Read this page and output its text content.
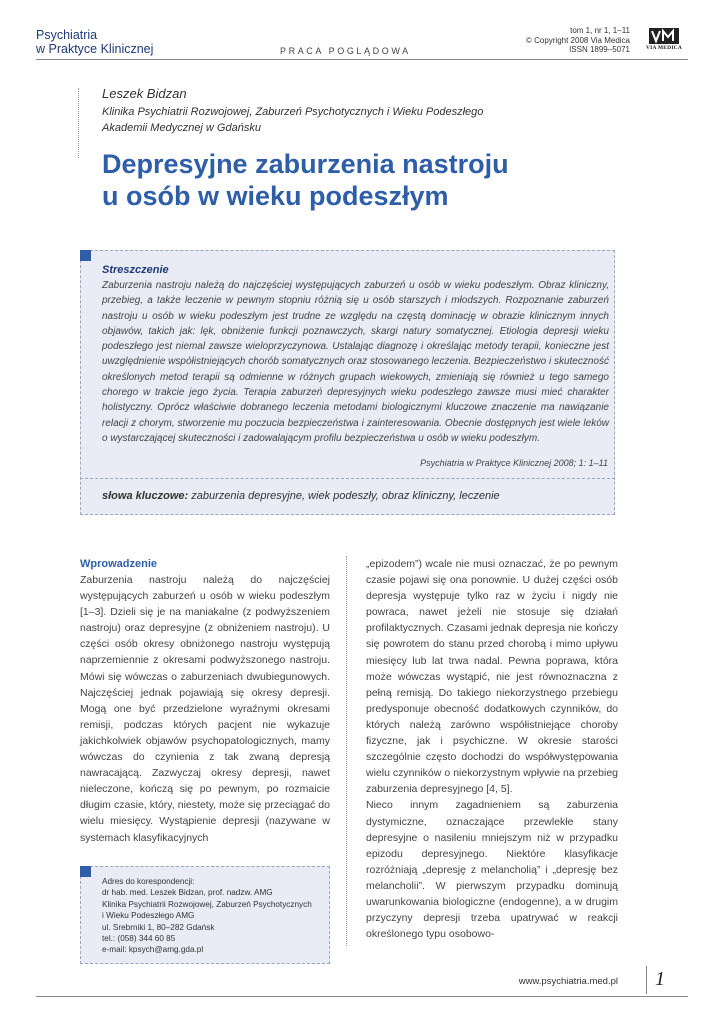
Psychiatria
w Praktyce Klinicznej	PRACA POGLĄDOWA
tom 1, nr 1, 1–11
© Copyright 2008 Via Medica
ISSN 1899–5071	VIA MEDICA
Leszek Bidzan
Klinika Psychiatrii Rozwojowej, Zaburzeń Psychotycznych i Wieku Podeszłego
Akademii Medycznej w Gdańsku
Depresyjne zaburzenia nastroju
u osób w wieku podeszłym
Streszczenie
Zaburzenia nastroju należą do najczęściej występujących zaburzeń u osób w wieku podeszłym. Obraz kliniczny, przebieg, a także leczenie w pewnym stopniu różnią się u osób starszych i młodszych. Rozpoznanie zaburzeń nastroju u osób w wieku podeszłym jest trudne ze względu na częstą dominację w obrazie klinicznym innych objawów, takich jak: lęk, obniżenie funkcji poznawczych, skargi natury somatycznej. Etiologia depresji wieku podeszłego jest niemal zawsze wieloprzyczynowa. Ustalając diagnozę i określając metody terapii, konieczne jest uwzględnienie współistniejących chorób somatycznych oraz stosowanego leczenia. Bezpieczeństwo i skuteczność określonych metod terapii są odmienne w różnych grupach wiekowych, zmieniają się również u tego samego chorego w trakcie jego życia. Terapia zaburzeń depresyjnych wieku podeszłego zawsze musi mieć charakter holistyczny. Oprócz właściwie dobranego leczenia metodami biologicznymi kluczowe znaczenie ma nawiązanie relacji z chorym, stworzenie mu poczucia bezpieczeństwa i zainteresowania. Obecnie dostępnych jest wiele leków o wystarczającej skuteczności i zadowalającym profilu bezpieczeństwa u osób w wieku podeszłym.
Psychiatria w Praktyce Klinicznej 2008; 1: 1–11
słowa kluczowe: zaburzenia depresyjne, wiek podeszły, obraz kliniczny, leczenie
Wprowadzenie

Zaburzenia nastroju należą do najczęściej występujących zaburzeń u osób w wieku podeszłym [1–3]. Dzieli się je na maniakalne (z podwyższeniem nastroju) oraz depresyjne (z obniżeniem nastroju). U części osób okresy obniżonego nastroju występują naprzemiennie z okresami podwyższonego nastroju. Mówi się wówczas o zaburzeniach dwubiegunowych. Najczęściej jednak pojawiają się okresy depresji. Mogą one być przedzielone wyraźnymi okresami remisji, podczas których pacjent nie wykazuje jakichkolwiek objawów psychopatologicznych, mamy wówczas do czynienia z tak zwaną depresją nawracającą. Zazwyczaj okresy depresji, nawet nieleczone, kończą się po pewnym, po rozmaicie długim czasie, który, niestety, może się przeciągać do wielu miesięcy. Wystąpienie depresji (nazywane w systemach klasyfikacyjnych

„epizodem”) wcale nie musi oznaczać, że po pewnym czasie pojawi się ona ponownie. U dużej części osób depresja występuje tylko raz w życiu i nigdy nie powraca, nawet jeżeli nie stosuje się działań profilaktycznych. Czasami jednak depresja nie kończy się powrotem do stanu przed chorobą i mimo upływu miesięcy lub lat trwa nadal. Pewna poprawa, która może wówczas wystąpić, nie jest równoznaczna z pełną remisją. Do takiego niekorzystnego przebiegu predysponuje obecność dodatkowych czynników, do których należą zarówno współistniejące choroby fizyczne, jak i psychiczne. W okresie starości szczególnie często dochodzi do współwystępowania wielu czynników o niekorzystnym wpływie na przebieg zaburzenia depresyjnego [4, 5].

Nieco innym zagadnieniem są zaburzenia dystymiczne, oznaczające przewlekłe stany depresyjne o nasileniu mniejszym niż w przypadku epizodu depresyjnego. Niektóre klasyfikacje rozróżniają „depresję z melancholią” i „depresję bez melancholii”. W pierwszym przypadku dominują uwarunkowania biologiczne (endogenne), a w drugim przyczyny depresji trzeba upatrywać w reakcji określonego typu osobowo-

Adres do korespondencji:
dr hab. med. Leszek Bidzan, prof. nadzw. AMG
Klinika Psychiatrii Rozwojowej, Zaburzeń Psychotycznych
i Wieku Podeszłego AMG
ul. Srebrniki 1, 80–282 Gdańsk
tel.: (058) 344 60 85
e-mail: kpsych@amg.gda.pl
www.psychiatria.med.pl 1
